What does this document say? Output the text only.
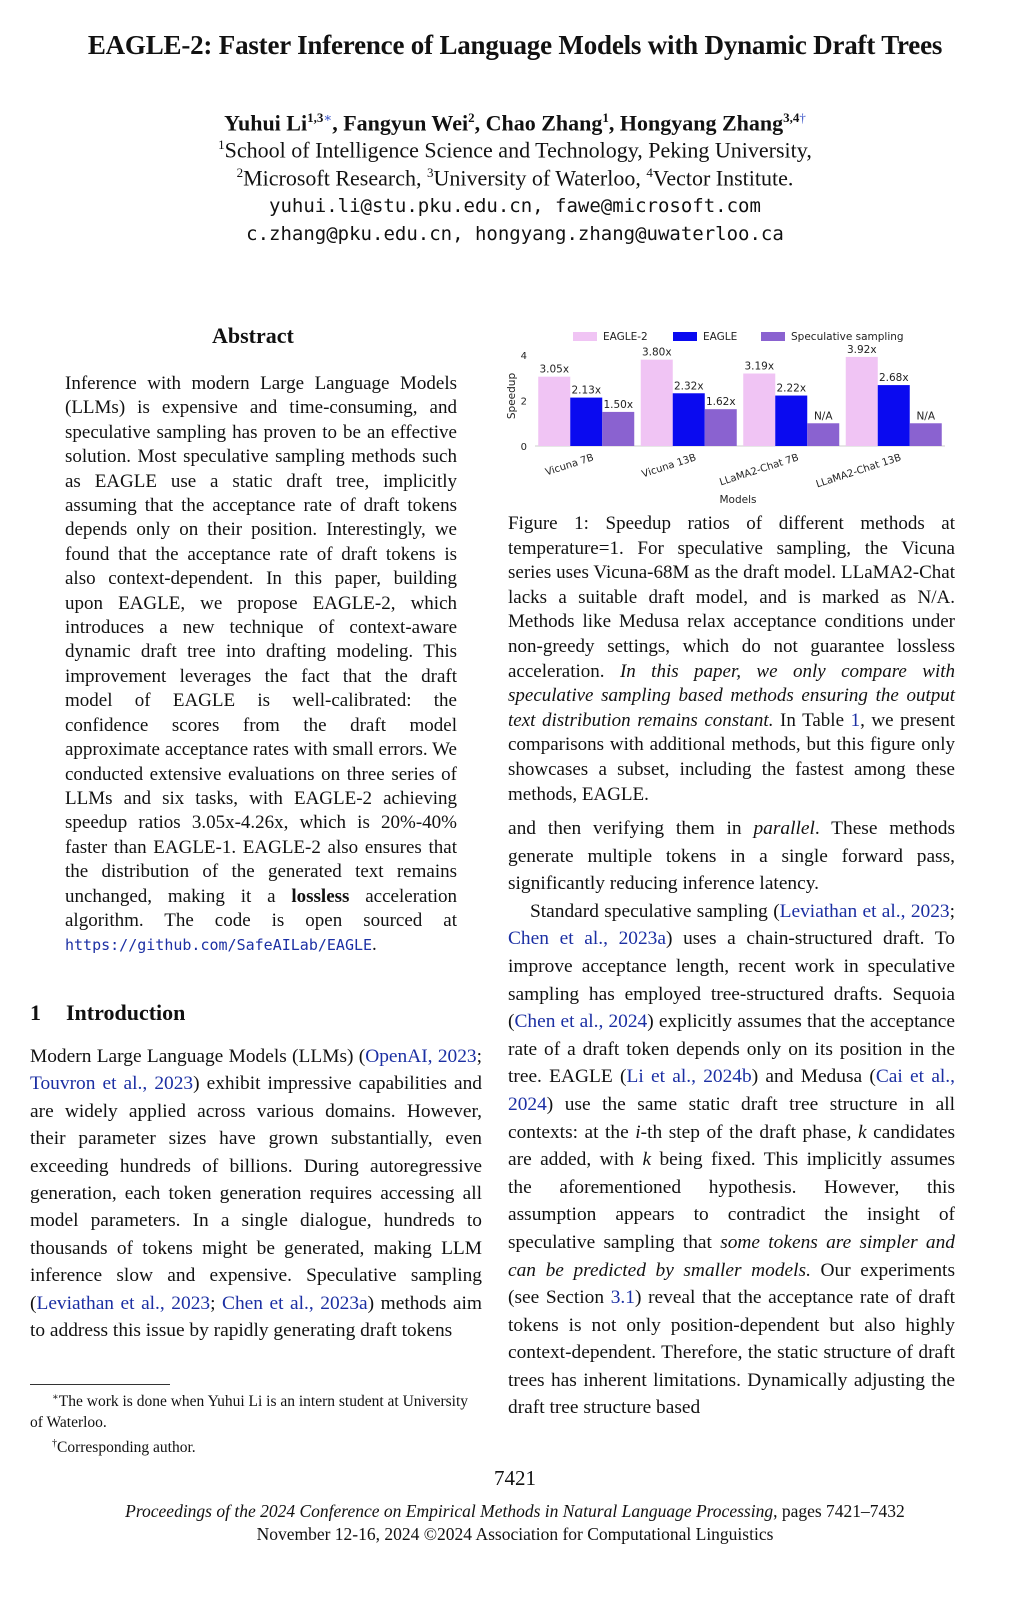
EAGLE-2: Faster Inference of Language Models with Dynamic Draft Trees
Yuhui $Li^{1,3∗}$, Fangyun Wei$^2$, Chao Zhang$^1$, Hongyang Zhang$^{3,4\dagger}$
$^1$School of Intelligence Science and Technology, Peking University,
$^2$Microsoft Research, $^3$University of Waterloo, $^4$Vector Institute.
yuhui.li@stu.pku.edu.cn, fawe@microsoft.com
c.zhang@pku.edu.cn, hongyang.zhang@uwaterloo.ca
Abstract
Inference with modern Large Language Models (LLMs) is expensive and time-consuming, and speculative sampling has proven to be an effective solution. Most speculative sampling methods such as EAGLE use a static draft tree, implicitly assuming that the acceptance rate of draft tokens depends only on their position. Interestingly, we found that the acceptance rate of draft tokens is also context-dependent. In this paper, building upon EAGLE, we propose EAGLE-2, which introduces a new technique of context-aware dynamic draft tree into drafting modeling. This improvement leverages the fact that the draft model of EAGLE is well-calibrated: the confidence scores from the draft model approximate acceptance rates with small errors. We conducted extensive evaluations on three series of LLMs and six tasks, with EAGLE-2 achieving speedup ratios 3.05x-4.26x, which is 20%-40% faster than EAGLE-1. EAGLE-2 also ensures that the distribution of the generated text remains unchanged, making it a lossless acceleration algorithm. The code is open sourced at https://github.com/SafeAILab/EAGLE.
1 Introduction
Modern Large Language Models (LLMs) (OpenAI, 2023; Touvron et al., 2023) exhibit impressive capabilities and are widely applied across various domains. However, their parameter sizes have grown substantially, even exceeding hundreds of billions. During autoregressive generation, each token generation requires accessing all model parameters. In a single dialogue, hundreds to thousands of tokens might be generated, making LLM inference slow and expensive. Speculative sampling (Leviathan et al., 2023; Chen et al., 2023a) methods aim to address this issue by rapidly generating draft tokens
∗The work is done when Yuhui Li is an intern student at University of Waterloo.
†Corresponding author.
EAGLE-2	EAGLE	Speculative sampling
0
2
4
Speedup
3.05x
2.13x
1.50x
Vicuna 7B
3.80x
2.32x
1.62x
Vicuna 13B
3.19x
2.22x
N/A
LLaMA2-Chat 7B
3.92x
2.68x
N/A
LLaMA2-Chat 13B
Models
Figure 1: Speedup ratios of different methods at temperature=1. For speculative sampling, the Vicuna series uses Vicuna-68M as the draft model. LLaMA2-Chat lacks a suitable draft model, and is marked as N/A. Methods like Medusa relax acceptance conditions under non-greedy settings, which do not guarantee lossless acceleration. In this paper, we only compare with speculative sampling based methods ensuring the output text distribution remains constant. In Table 1, we present comparisons with additional methods, but this figure only showcases a subset, including the fastest among these methods, EAGLE.

and then verifying them in parallel. These methods generate multiple tokens in a single forward pass, significantly reducing inference latency.

Standard speculative sampling (Leviathan et al., 2023; Chen et al., 2023a) uses a chain-structured draft. To improve acceptance length, recent work in speculative sampling has employed tree-structured drafts. Sequoia (Chen et al., 2024) explicitly assumes that the acceptance rate of a draft token depends only on its position in the tree. EAGLE (Li et al., 2024b) and Medusa (Cai et al., 2024) use the same static draft tree structure in all contexts: at the i-th step of the draft phase, k candidates are added, with k being fixed. This implicitly assumes the aforementioned hypothesis. However, this assumption appears to contradict the insight of speculative sampling that some tokens are simpler and can be predicted by smaller models. Our experiments (see Section 3.1) reveal that the acceptance rate of draft tokens is not only position-dependent but also highly context-dependent. Therefore, the static structure of draft trees has inherent limitations. Dynamically adjusting the draft tree structure based

7421
Proceedings of the 2024 Conference on Empirical Methods in Natural Language Processing, pages 7421–7432
November 12-16, 2024 ©2024 Association for Computational Linguistics
